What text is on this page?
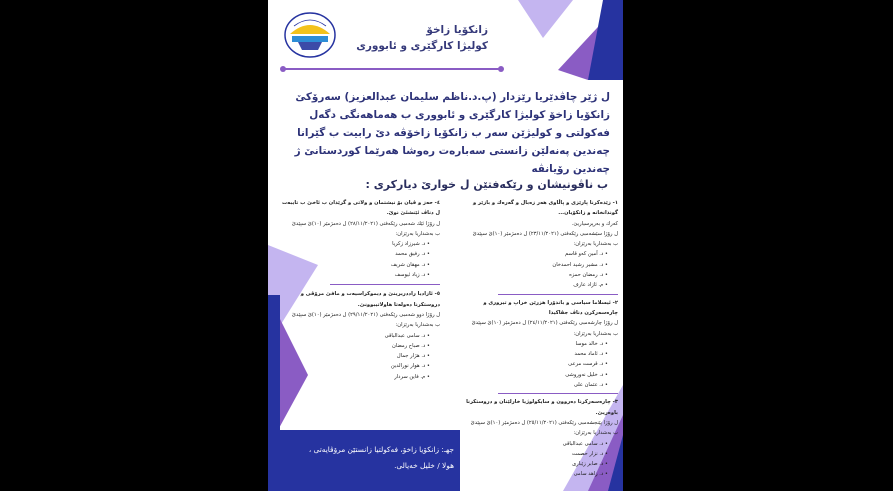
زانكۆیا زاخۆ
كولیژا كارگێری و ئابووری
ل ژێر چاڤدێریا رێزدار (پ.د.ناظم سلیمان عبدالعزیز) سەرۆكێ زانكۆیا زاخۆ كولیژا كارگێری و ئابووری ب هەماهەنگی دگەل فەكولتی و كولیژێن سەر ب زانكۆیا زاخۆڤە دێ رابیت ب گێرانا چەندین پەنەلێن زانستی سەبارەت رەوشا هەرێما كوردستانێ ژ چەندین رۆیانڤە
ب ناڤونیشان و رێكەفتێن ل خوارێ دیاركری :
١- زێدەكرنا پارێزی و پاڵاوی هەر زەبال و گەرەك و بازێر و گوندانخانە و زانكۆیان...
كەرك و بەرپرسیاریێ.
ل رۆژا سێشەمبی رێكەفتی (٢٣/١١/٢٠٢١) ل دەمژمێر (١٠)ێ سپێدێ
ب بەشداریا بەرێزان:
• د. آمین كەو قاسم
• د. مشیر رشید احمدخان
• د. رمضان حمزە
• م. ئازاد عارف
٢- ئیسلاما سیاسی و باندۆرا هزرێن خراپ و تیروری و چارەسەركرن دناڤ جڤاكیدا
ل رۆژا چارشەمبی رێكەفتی (٢٤/١١/٢٠٢١) ل دەمژمێر (١٠)ێ سپێدێ
ب بەشداریا بەرێزان:
• د. خالد موسا
• د. ئاماد محمد
• د. قرست مرعی
• د. خلیل نەوروشی
• د. عثمان علی
٣- چارەسەركرنا دەروون و سایكولوژیا خارلێنان و دروستكرنا باوەریێ.
ل رۆژا پێنجشەمبی رێكەفتی (٢٥/١١/٢٠٢١) ل دەمژمێر (١٠)ێ سپێدێ
ب بەشداریا بەرێزان:
• د. سامی عبدالباقی
• د. نزار حصمت
• د. صابر زێباری
• د. زاهد سامی
٤- حەز و ڤیان بۆ نیشتمان و ولاتی و گرێدان ب ئاخێ ب تایبەت ل دناڤ ئێنشئێ نوێ.
ل رۆژا ئێك شەمبی رێكەفتی (٢٨/١١/٢٠٢١) ل دەمژمێر (١٠)ێ سپێدێ
ب بەشداریا بەرێزان:
• د. شیرزاد زكریا
• د. رفیق محمد
• د. مهقان شریف
• د. زیاد ئیوسف
٥- ئازادیا راددربرینێ و دیموكراسیەت و مافێ مرۆڤی و دروستكرنا دەولەتا هاولاتیبوونێ.
ل رۆژا دوو شەمبی رێكەفتی (٢٩/١١/٢٠٢١) ل دەمژمێر (١٠)ێ سپێدێ
ب بەشداریا بەرێزان:
• د. سامی عبدالباقی
• د. صباح رمضان
• د. هژار جمال
• د. هوار نورالدین
• م. فاین سردار
جهـ: زانكۆیا زاخۆ، فەكولتیا زانستێن مرۆڤایەتی ،
هولا / خلیل خەیالی.
